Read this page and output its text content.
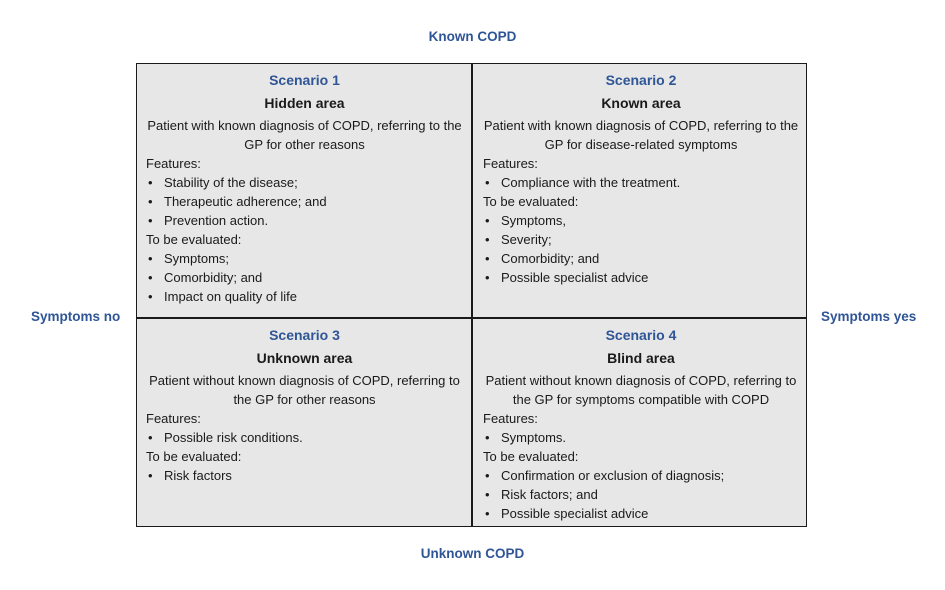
Known COPD
Unknown COPD
Symptoms no	Symptoms yes
Scenario 1
Hidden area
Patient with known diagnosis of COPD, referring to the GP for other reasons
Features:
• Stability of the disease;
• Therapeutic adherence; and
• Prevention action.
To be evaluated:
• Symptoms;
• Comorbidity; and
• Impact on quality of life
Scenario 2
Known area
Patient with known diagnosis of COPD, referring to the GP for disease-related symptoms
Features:
• Compliance with the treatment.
To be evaluated:
• Symptoms,
• Severity;
• Comorbidity; and
• Possible specialist advice
Scenario 3
Unknown area
Patient without known diagnosis of COPD, referring to the GP for other reasons
Features:
• Possible risk conditions.
To be evaluated:
• Risk factors
Scenario 4
Blind area
Patient without known diagnosis of COPD, referring to the GP for symptoms compatible with COPD
Features:
• Symptoms.
To be evaluated:
• Confirmation or exclusion of diagnosis;
• Risk factors; and
• Possible specialist advice
